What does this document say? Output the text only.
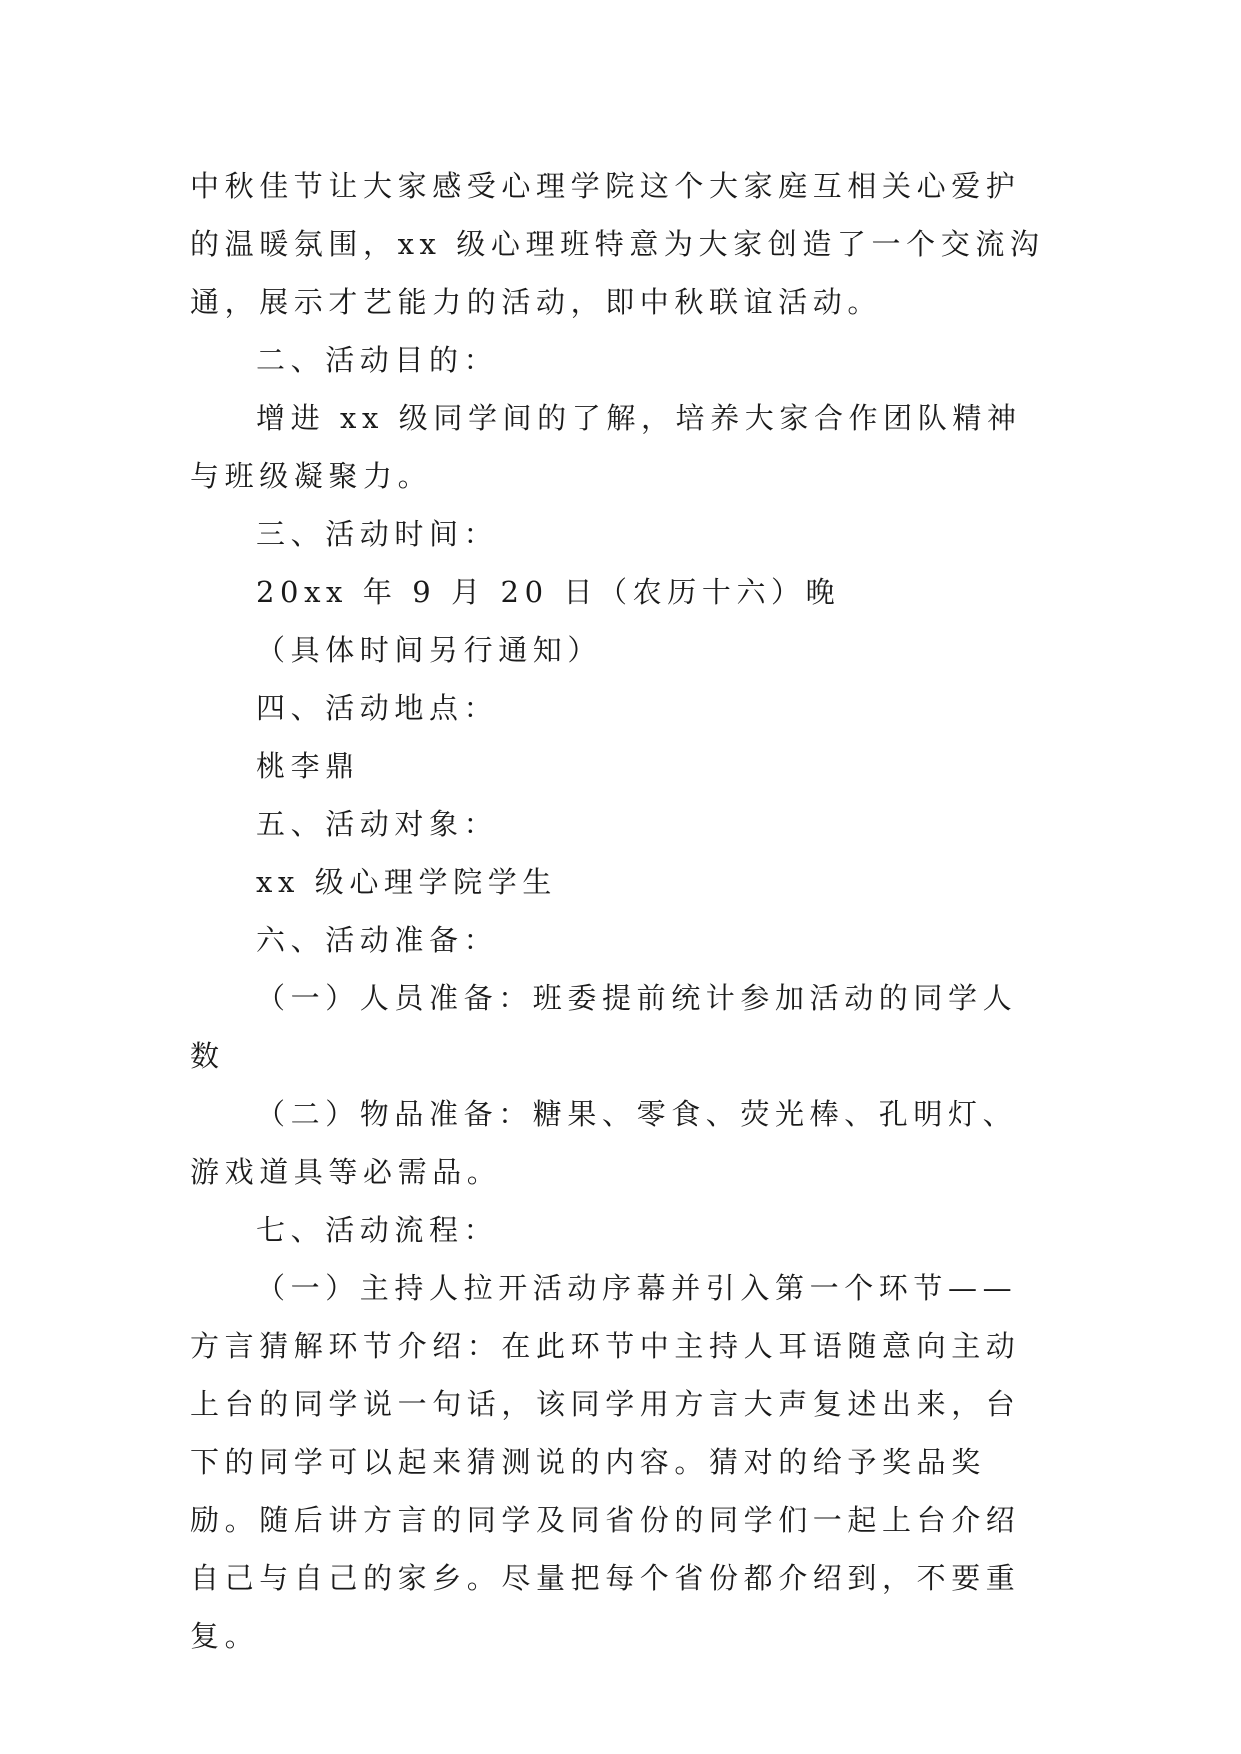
中秋佳节让大家感受心理学院这个大家庭互相关心爱护的温暖氛围，xx 级心理班特意为大家创造了一个交流沟通，展示才艺能力的活动，即中秋联谊活动。

二、活动目的：

增进 xx 级同学间的了解，培养大家合作团队精神与班级凝聚力。

三、活动时间：

20xx 年 9 月 20 日（农历十六）晚

（具体时间另行通知）

四、活动地点：

桃李鼎

五、活动对象：

xx 级心理学院学生

六、活动准备：

（一）人员准备：班委提前统计参加活动的同学人数

（二）物品准备：糖果、零食、荧光棒、孔明灯、游戏道具等必需品。

七、活动流程：

（一）主持人拉开活动序幕并引入第一个环节——方言猜解环节介绍：在此环节中主持人耳语随意向主动上台的同学说一句话，该同学用方言大声复述出来，台下的同学可以起来猜测说的内容。猜对的给予奖品奖励。随后讲方言的同学及同省份的同学们一起上台介绍自己与自己的家乡。尽量把每个省份都介绍到，不要重复。
